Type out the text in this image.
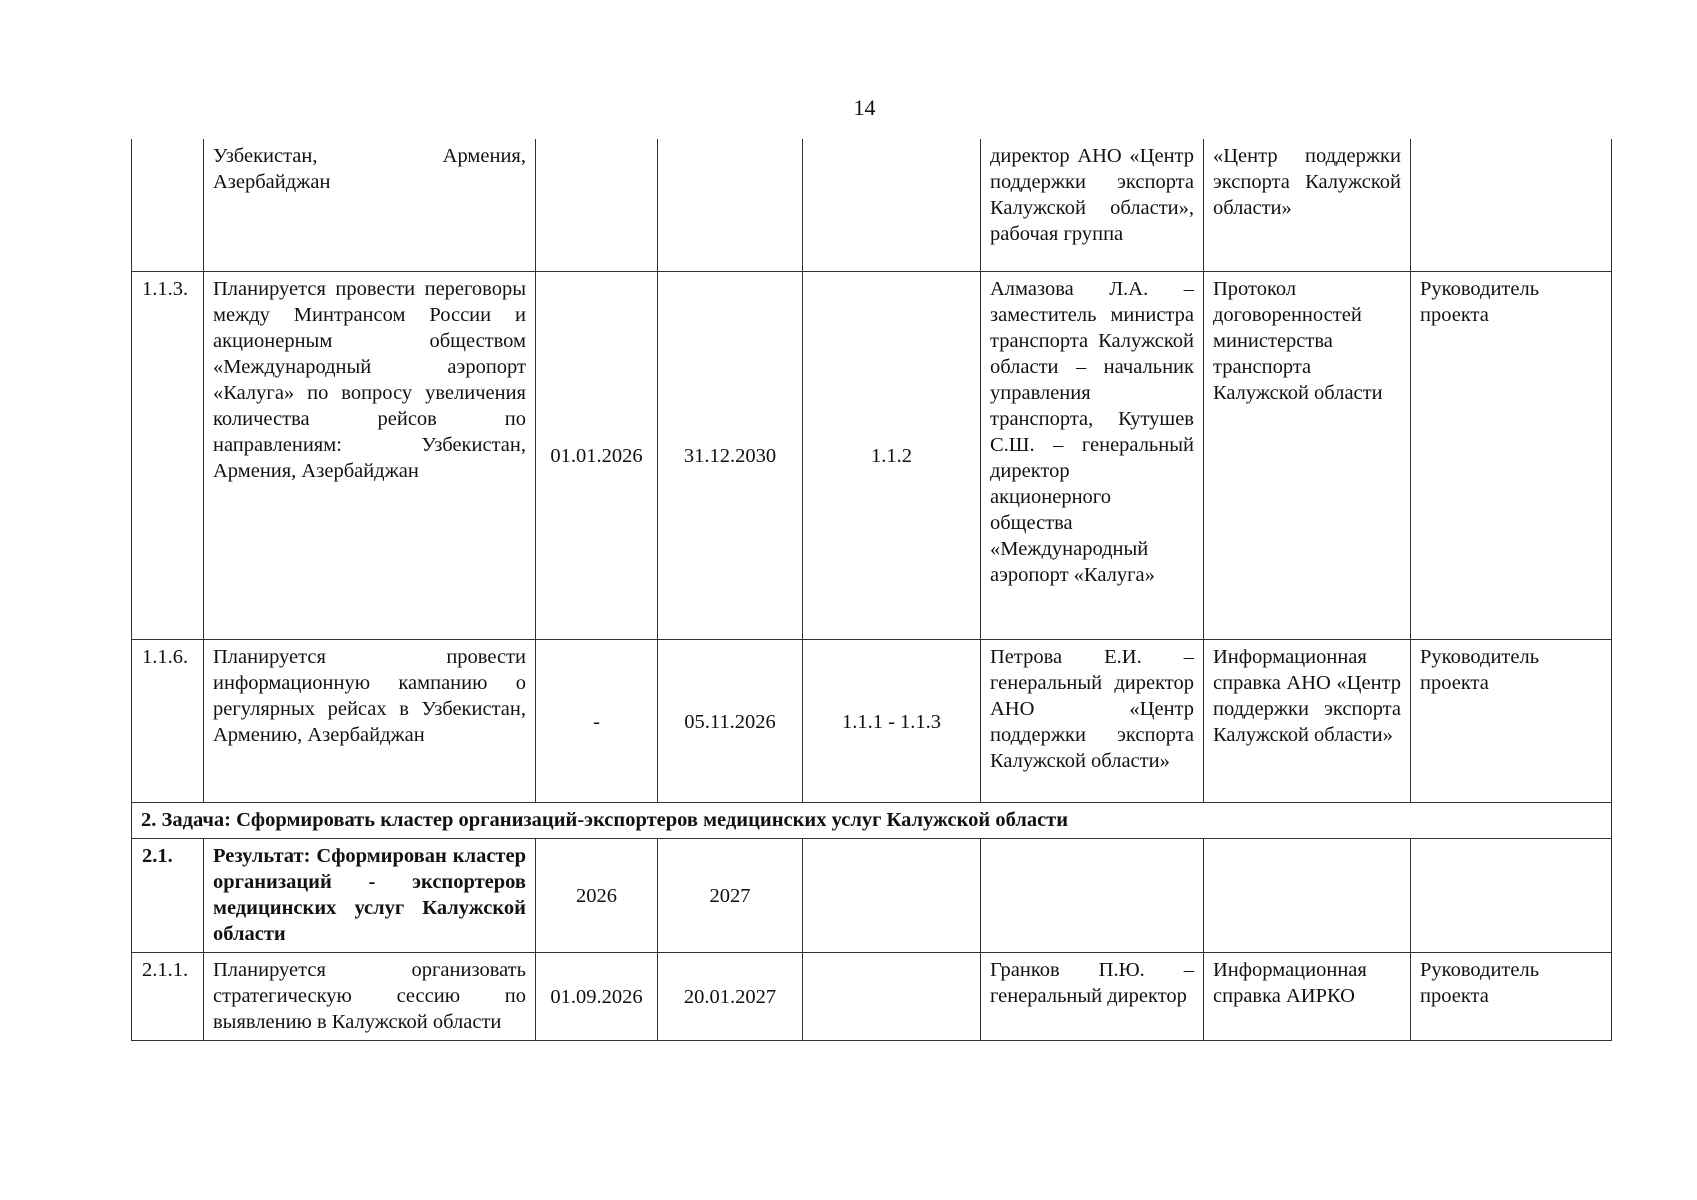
14
	Узбекистан, Армения, Азербайджан				директор АНО «Центр поддержки экспорта Калужской области», рабочая группа	«Центр поддержки экспорта Калужской области»	
1.1.3.	Планируется провести переговоры между Минтрансом России и акционерным обществом «Международный аэропорт «Калуга» по вопросу увеличения количества рейсов по направлениям: Узбекистан, Армения, Азербайджан	01.01.2026	31.12.2030	1.1.2	Алмазова Л.А. – заместитель министра транспорта Калужской области – начальник управления транспорта, Кутушев С.Ш. – генеральный директор акционерного общества «Международный аэропорт «Калуга»	Протокол договоренностей министерства транспорта Калужской области	Руководитель проекта
1.1.6.	Планируется провести информационную кампанию о регулярных рейсах в Узбекистан, Армению, Азербайджан	-	05.11.2026	1.1.1 - 1.1.3	Петрова Е.И. – генеральный директор АНО «Центр поддержки экспорта Калужской области»	Информационная справка АНО «Центр поддержки экспорта Калужской области»	Руководитель проекта
2. Задача: Сформировать кластер организаций-экспортеров медицинских услуг Калужской области							
2.1.	Результат: Сформирован кластер организаций - экспортеров медицинских услуг Калужской области	2026	2027				
2.1.1.	Планируется организовать стратегическую сессию по выявлению в Калужской области	01.09.2026	20.01.2027		Гранков П.Ю. – генеральный директор	Информационная справка АИРКО	Руководитель проекта
